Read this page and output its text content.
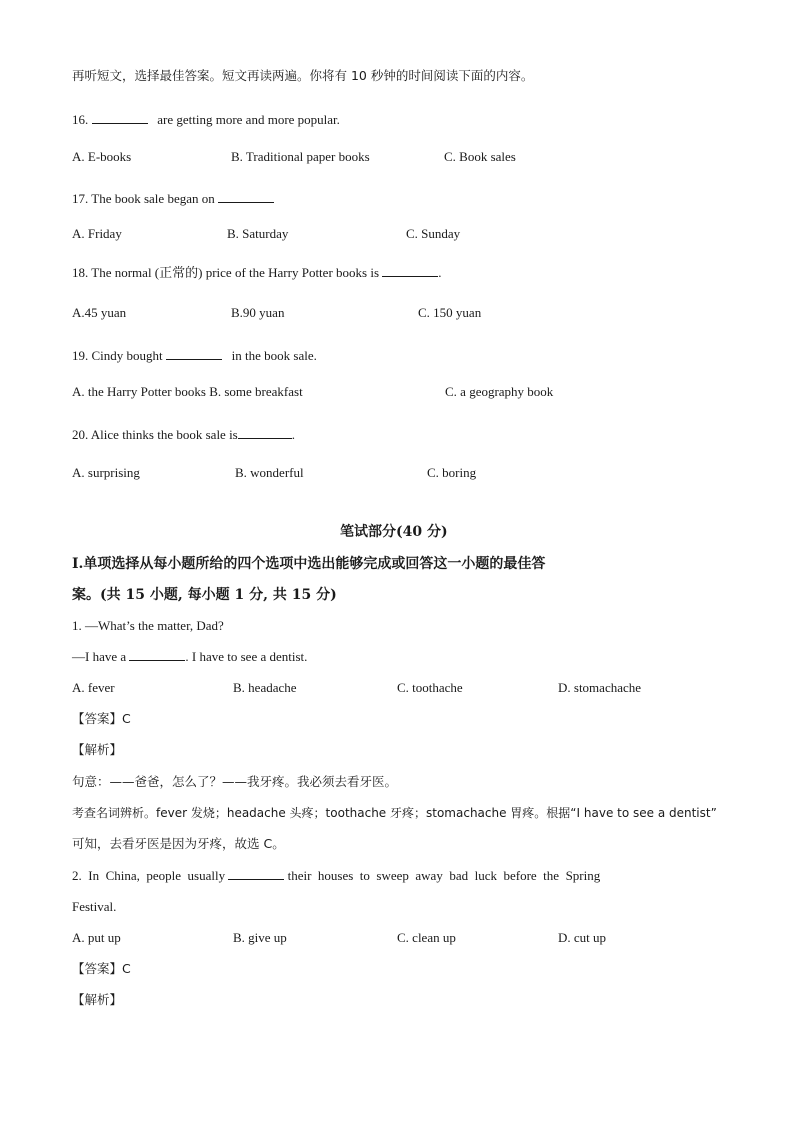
再听短文，选择最佳答案。短文再读两遍。你将有 10 秒钟的时间阅读下面的内容。
16.	are getting more and more popular.
A. E-books	B. Traditional paper books	C. Book sales
17. The book sale began on
A. Friday	B. Saturday	C. Sunday
18. The normal (正常的) price of the Harry Potter books is	.
A.45 yuan	B.90 yuan	C. 150 yuan
19. Cindy bought	in the book sale.
A. the Harry Potter books B. some breakfast	C. a geography book
20. Alice thinks the book sale is	.
A. surprising	B. wonderful	C. boring
笔试部分(40 分)
I.单项选择从每小题所给的四个选项中选出能够完成或回答这一小题的最佳答
案。(共 15 小题, 每小题 1 分, 共 15 分)
1. —What’s the matter, Dad?
—I have a	. I have to see a dentist.
A. fever	B. headache	C. toothache	D. stomachache
【答案】C
【解析】
句意：——爸爸，怎么了？——我牙疼。我必须去看牙医。
考查名词辨析。fever 发烧；headache 头疼；toothache 牙疼；stomachache 胃疼。根据“I have to see a dentist”
可知，去看牙医是因为牙疼，故选 C。
2.  In  China,  people  usually	their  houses  to  sweep  away  bad  luck  before  the  Spring
Festival.
A. put up	B. give up	C. clean up	D. cut up
【答案】C
【解析】
